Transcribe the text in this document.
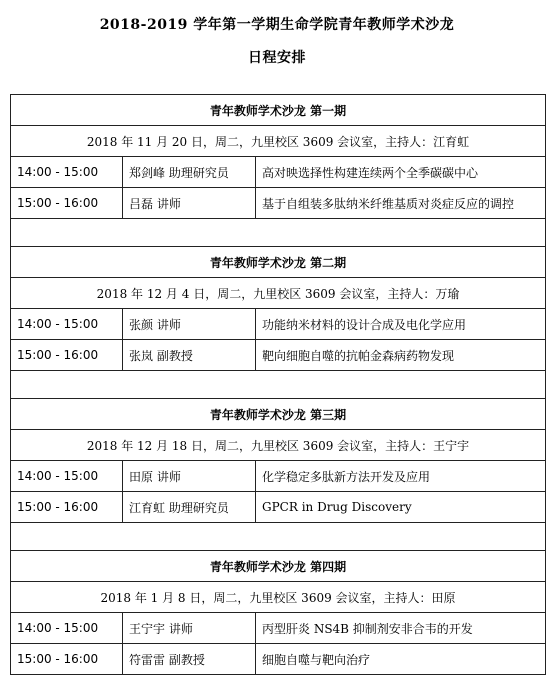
2018-2019 学年第一学期生命学院青年教师学术沙龙
日程安排
青年教师学术沙龙 第一期		
2018 年 11 月 20 日，周二，九里校区 3609 会议室，主持人：江育虹		
14:00 - 15:00	郑剑峰 助理研究员	高对映选择性构建连续两个全季碳碳中心
15:00 - 16:00	吕磊 讲师	基于自组装多肽纳米纤维基质对炎症反应的调控

青年教师学术沙龙 第二期		
2018 年 12 月 4 日，周二，九里校区 3609 会议室，主持人：万瑜		
14:00 - 15:00	张颜 讲师	功能纳米材料的设计合成及电化学应用
15:00 - 16:00	张岚 副教授	靶向细胞自噬的抗帕金森病药物发现

青年教师学术沙龙 第三期		
2018 年 12 月 18 日，周二，九里校区 3609 会议室，主持人：王宁宇		
14:00 - 15:00	田原 讲师	化学稳定多肽新方法开发及应用
15:00 - 16:00	江育虹 助理研究员	GPCR in Drug Discovery

青年教师学术沙龙 第四期		
2018 年 1 月 8 日，周二，九里校区 3609 会议室，主持人：田原		
14:00 - 15:00	王宁宇 讲师	丙型肝炎 NS4B 抑制剂安非合韦的开发
15:00 - 16:00	符雷雷 副教授	细胞自噬与靶向治疗
